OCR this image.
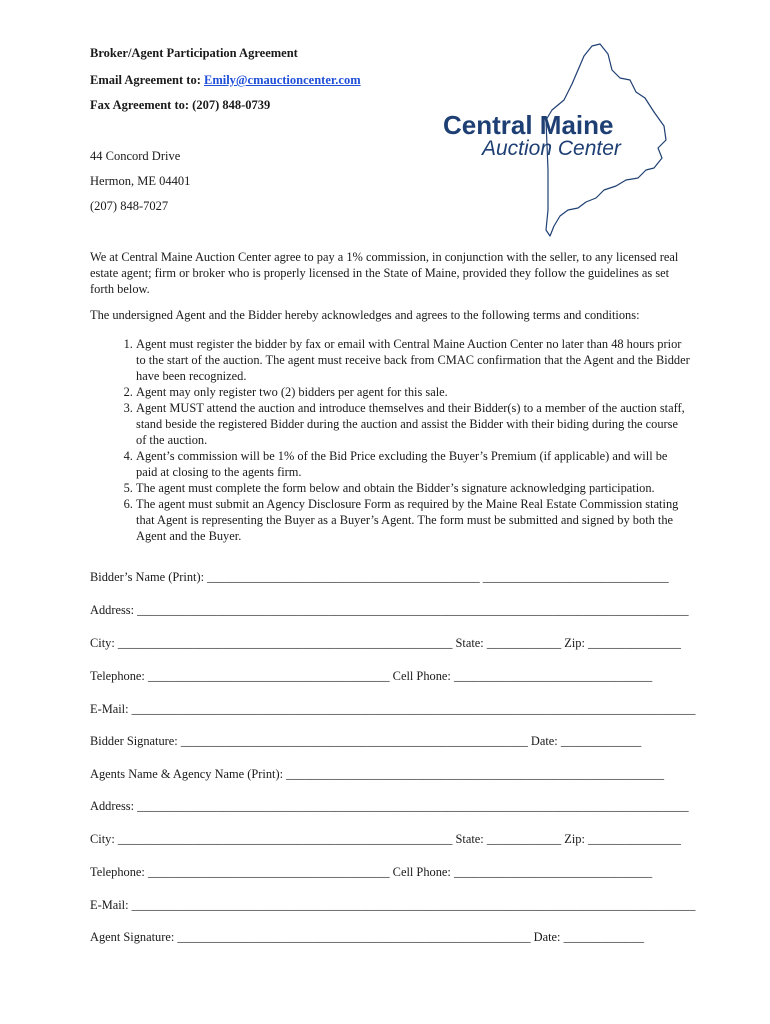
Broker/Agent Participation Agreement
Email Agreement to: Emily@cmauctioncenter.com
Fax Agreement to: (207) 848-0739
44 Concord Drive
Hermon, ME 04401
(207) 848-7027
Central Maine
Auction Center
We at Central Maine Auction Center agree to pay a 1% commission, in conjunction with the seller, to any licensed real estate agent; firm or broker who is properly licensed in the State of Maine, provided they follow the guidelines as set forth below.
The undersigned Agent and the Bidder hereby acknowledges and agrees to the following terms and conditions:
1. Agent must register the bidder by fax or email with Central Maine Auction Center no later than 48 hours prior to the start of the auction. The agent must receive back from CMAC confirmation that the Agent and the Bidder have been recognized.
2. Agent may only register two (2) bidders per agent for this sale.
3. Agent MUST attend the auction and introduce themselves and their Bidder(s) to a member of the auction staff, stand beside the registered Bidder during the auction and assist the Bidder with their biding during the course of the auction.
4. Agent’s commission will be 1% of the Bid Price excluding the Buyer’s Premium (if applicable) and will be paid at closing to the agents firm.
5. The agent must complete the form below and obtain the Bidder’s signature acknowledging participation.
6. The agent must submit an Agency Disclosure Form as required by the Maine Real Estate Commission stating that Agent is representing the Buyer as a Buyer’s Agent. The form must be submitted and signed by both the Agent and the Buyer.
Bidder’s Name (Print): ____________________________________________ ______________________________
Address: _________________________________________________________________________________________
City: ______________________________________________________ State: ____________ Zip: _______________
Telephone: _______________________________________ Cell Phone: ________________________________
E-Mail: ___________________________________________________________________________________________
Bidder Signature: ________________________________________________________ Date: _____________
Agents Name & Agency Name (Print): _____________________________________________________________
Address: _________________________________________________________________________________________
City: ______________________________________________________ State: ____________ Zip: _______________
Telephone: _______________________________________ Cell Phone: ________________________________
E-Mail: ___________________________________________________________________________________________
Agent Signature: _________________________________________________________ Date: _____________
